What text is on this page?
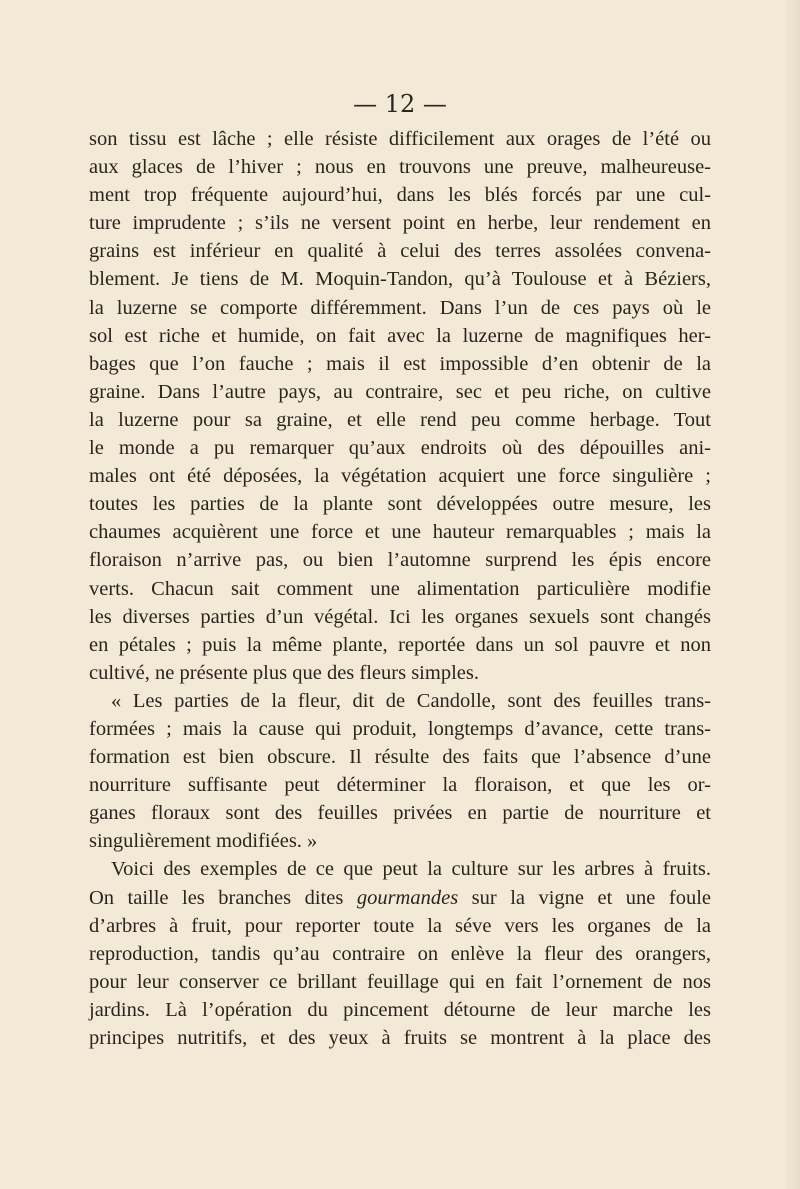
— 12 —
son tissu est lâche ; elle résiste difficilement aux orages de l’été ou
aux glaces de l’hiver ; nous en trouvons une preuve, malheureuse-
ment trop fréquente aujourd’hui, dans les blés forcés par une cul-
ture imprudente ; s’ils ne versent point en herbe, leur rendement en
grains est inférieur en qualité à celui des terres assolées convena-
blement. Je tiens de M. Moquin-Tandon, qu’à Toulouse et à Béziers,
la luzerne se comporte différemment. Dans l’un de ces pays où le
sol est riche et humide, on fait avec la luzerne de magnifiques her-
bages que l’on fauche ; mais il est impossible d’en obtenir de la
graine. Dans l’autre pays, au contraire, sec et peu riche, on cultive
la luzerne pour sa graine, et elle rend peu comme herbage. Tout
le monde a pu remarquer qu’aux endroits où des dépouilles ani-
males ont été déposées, la végétation acquiert une force singulière ;
toutes les parties de la plante sont développées outre mesure, les
chaumes acquièrent une force et une hauteur remarquables ; mais la
floraison n’arrive pas, ou bien l’automne surprend les épis encore
verts. Chacun sait comment une alimentation particulière modifie
les diverses parties d’un végétal. Ici les organes sexuels sont changés
en pétales ; puis la même plante, reportée dans un sol pauvre et non
cultivé, ne présente plus que des fleurs simples.
« Les parties de la fleur, dit de Candolle, sont des feuilles trans-
formées ; mais la cause qui produit, longtemps d’avance, cette trans-
formation est bien obscure. Il résulte des faits que l’absence d’une
nourriture suffisante peut déterminer la floraison, et que les or-
ganes floraux sont des feuilles privées en partie de nourriture et
singulièrement modifiées. »
Voici des exemples de ce que peut la culture sur les arbres à fruits.
On taille les branches dites gourmandes sur la vigne et une foule
d’arbres à fruit, pour reporter toute la séve vers les organes de la
reproduction, tandis qu’au contraire on enlève la fleur des orangers,
pour leur conserver ce brillant feuillage qui en fait l’ornement de nos
jardins. Là l’opération du pincement détourne de leur marche les
principes nutritifs, et des yeux à fruits se montrent à la place des
